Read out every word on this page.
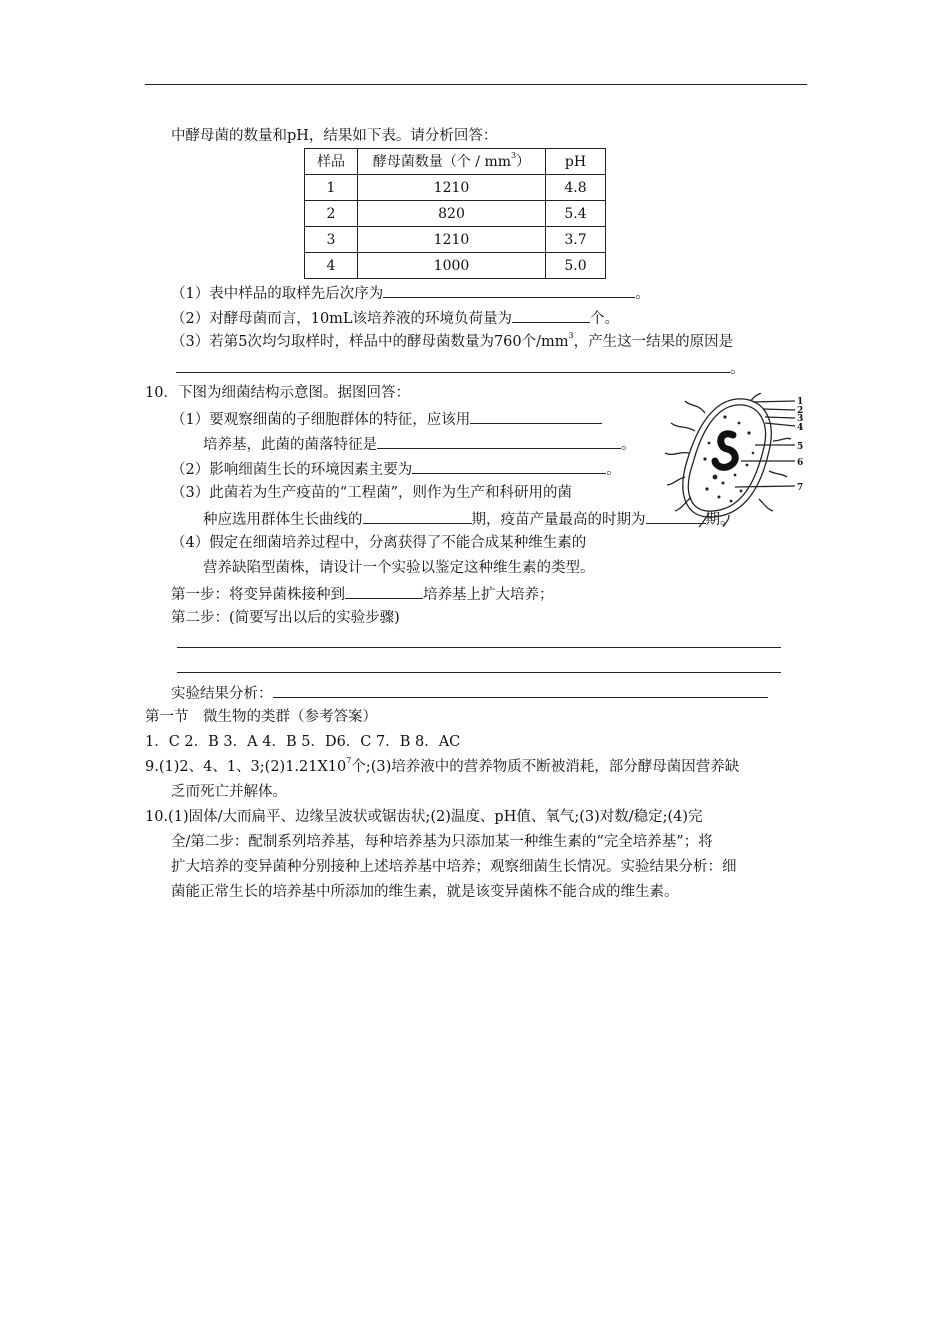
中酵母菌的数量和pH，结果如下表。请分析回答：
样品	酵母菌数量（个 / $mm^3$）	pH
1	1210	4.8
2	820	5.4
3	1210	3.7
4	1000	5.0
（1）表中样品的取样先后次序为	。
（2）对酵母菌而言，10mL该培养液的环境负荷量为	个。
（3）若第5次均匀取样时，样品中的酵母菌数量为760个$/mm^3$，产生这一结果的原因是
。
10．下图为细菌结构示意图。据图回答：
（1）要观察细菌的子细胞群体的特征，应该用
培养基，此菌的菌落特征是	。
（2）影响细菌生长的环境因素主要为	。
（3）此菌若为生产疫苗的“工程菌”，则作为生产和科研用的菌
种应选用群体生长曲线的	期，疫苗产量最高的时期为	期。
（4）假定在细菌培养过程中，分离获得了不能合成某种维生素的
营养缺陷型菌株，请设计一个实验以鉴定这种维生素的类型。
第一步：将变异菌株接种到	培养基上扩大培养；
第二步：(简要写出以后的实验步骤)
实验结果分析：
1
2
3
4
5
6
7
第一节　微生物的类群（参考答案）
1．C 2．B 3．A 4．B 5．D6．C 7．B 8．AC
9.(1)2、4、1、$3;(2)1.21X10^7$个;(3)培养液中的营养物质不断被消耗，部分酵母菌因营养缺
乏而死亡并解体。
10.(1)固体/大而扁平、边缘呈波状或锯齿状;(2)温度、pH值、氧气;(3)对数/稳定;(4)完
全/第二步：配制系列培养基，每种培养基为只添加某一种维生素的“完全培养基”；将
扩大培养的变异菌种分别接种上述培养基中培养；观察细菌生长情况。实验结果分析：细
菌能正常生长的培养基中所添加的维生素，就是该变异菌株不能合成的维生素。
